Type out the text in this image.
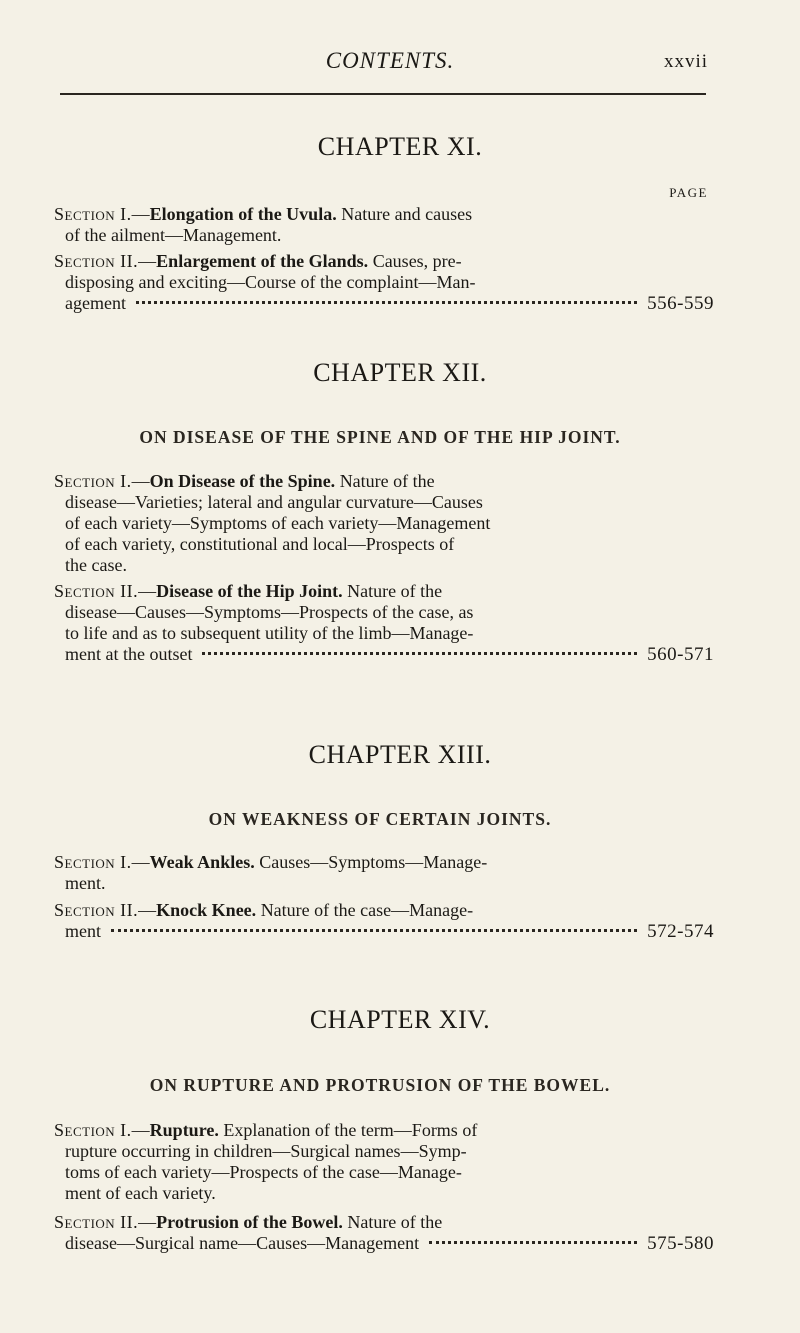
CONTENTS.	xxvii
CHAPTER XI.
PAGE
Section I.—Elongation of the Uvula. Nature and causes
of the ailment—Management.
Section II.—Enlargement of the Glands. Causes, pre-
disposing and exciting—Course of the complaint—Man-
agement	556-559
CHAPTER XII.
ON DISEASE OF THE SPINE AND OF THE HIP JOINT.
Section I.—On Disease of the Spine. Nature of the
disease—Varieties; lateral and angular curvature—Causes
of each variety—Symptoms of each variety—Management
of each variety, constitutional and local—Prospects of
the case.
Section II.—Disease of the Hip Joint. Nature of the
disease—Causes—Symptoms—Prospects of the case, as
to life and as to subsequent utility of the limb—Manage-
ment at the outset	560-571
CHAPTER XIII.
ON WEAKNESS OF CERTAIN JOINTS.
Section I.—Weak Ankles. Causes—Symptoms—Manage-
ment.
Section II.—Knock Knee. Nature of the case—Manage-
ment	572-574
CHAPTER XIV.
ON RUPTURE AND PROTRUSION OF THE BOWEL.
Section I.—Rupture. Explanation of the term—Forms of
rupture occurring in children—Surgical names—Symp-
toms of each variety—Prospects of the case—Manage-
ment of each variety.
Section II.—Protrusion of the Bowel. Nature of the
disease—Surgical name—Causes—Management	575-580
